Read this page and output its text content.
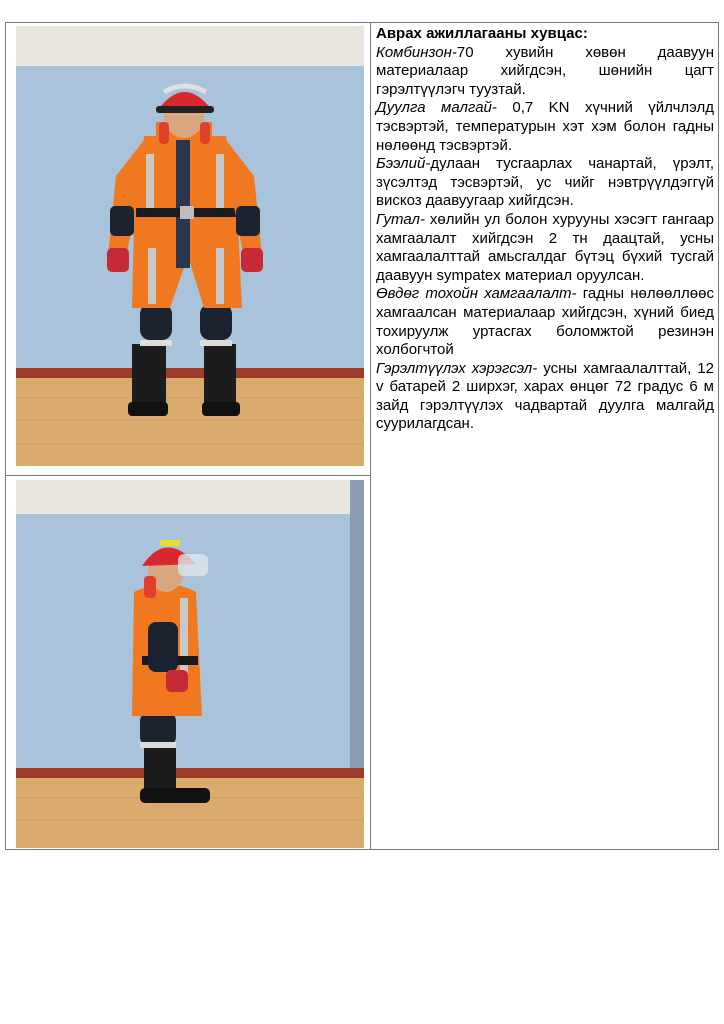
Аврах ажиллагааны хувцас:

Комбинзон-70 хувийн хөвөн даавуун материалаар хийгдсэн, шөнийн цагт гэрэлтүүлэгч туузтай.

Дуулга малгай- 0,7 KN хүчний үйлчлэлд тэсвэртэй, температурын хэт хэм болон гадны нөлөөнд тэсвэртэй.

Бээлий-дулаан тусгаарлах чанартай, үрэлт, зүсэлтэд тэсвэртэй, ус чийг нэвтрүүлдэггүй вискоз даавуугаар хийгдсэн.

Гутал- хөлийн ул болон хурууны хэсэгт гангаар хамгаалалт хийгдсэн 2 тн даацтай, усны хамгаалалттай амьсгалдаг бүтэц бүхий тусгай даавуун sympatex материал оруулсан.

Өвдөг тохойн хамгаалалт- гадны нөлөөллөөс хамгаалсан материалаар хийгдсэн, хүний биед тохируулж уртасгах боломжтой резинэн холбогчтой

Гэрэлтүүлэх хэрэгсэл- усны хамгаалалттай, 12 v батарей 2 ширхэг, харах өнцөг 72 градус 6 м зайд гэрэлтүүлэх чадвартай дуулга малгайд суурилагдсан.
